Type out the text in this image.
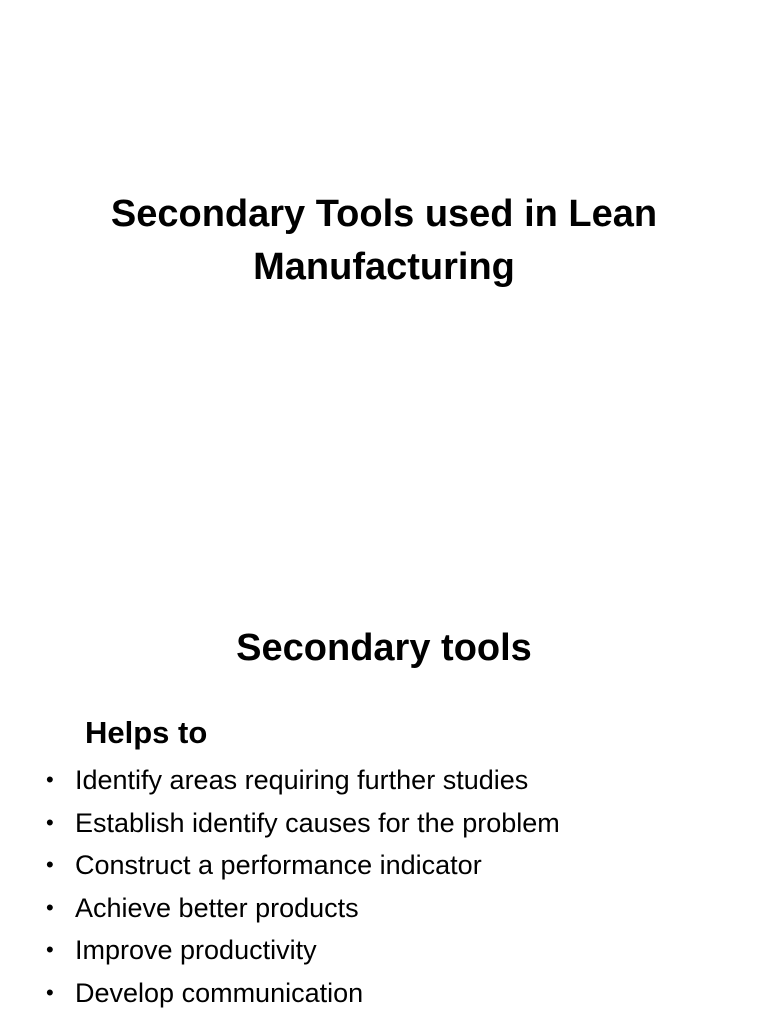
Secondary Tools used in Lean
Manufacturing
Secondary tools
Helps to
• Identify areas requiring further studies
• Establish identify causes for the problem
• Construct a performance indicator
• Achieve better products
• Improve productivity
• Develop communication
